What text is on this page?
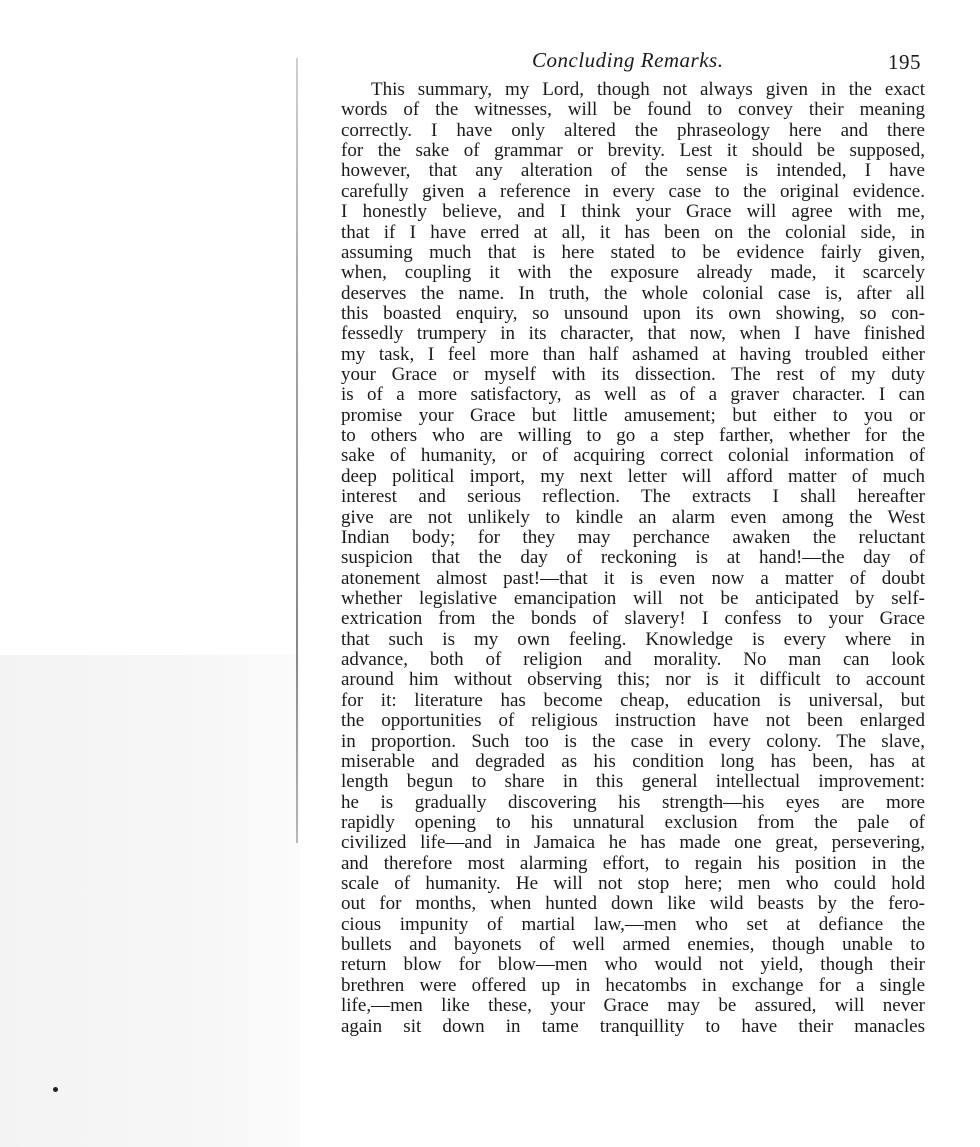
Concluding Remarks.	195
This summary, my Lord, though not always given in the exact
words of the witnesses, will be found to convey their meaning
correctly. I have only altered the phraseology here and there
for the sake of grammar or brevity. Lest it should be supposed,
however, that any alteration of the sense is intended, I have
carefully given a reference in every case to the original evidence.
I honestly believe, and I think your Grace will agree with me,
that if I have erred at all, it has been on the colonial side, in
assuming much that is here stated to be evidence fairly given,
when, coupling it with the exposure already made, it scarcely
deserves the name. In truth, the whole colonial case is, after all
this boasted enquiry, so unsound upon its own showing, so con-
fessedly trumpery in its character, that now, when I have finished
my task, I feel more than half ashamed at having troubled either
your Grace or myself with its dissection. The rest of my duty
is of a more satisfactory, as well as of a graver character. I can
promise your Grace but little amusement; but either to you or
to others who are willing to go a step farther, whether for the
sake of humanity, or of acquiring correct colonial information of
deep political import, my next letter will afford matter of much
interest and serious reflection. The extracts I shall hereafter
give are not unlikely to kindle an alarm even among the West
Indian body; for they may perchance awaken the reluctant
suspicion that the day of reckoning is at hand!—the day of
atonement almost past!—that it is even now a matter of doubt
whether legislative emancipation will not be anticipated by self-
extrication from the bonds of slavery! I confess to your Grace
that such is my own feeling. Knowledge is every where in
advance, both of religion and morality. No man can look
around him without observing this; nor is it difficult to account
for it: literature has become cheap, education is universal, but
the opportunities of religious instruction have not been enlarged
in proportion. Such too is the case in every colony. The slave,
miserable and degraded as his condition long has been, has at
length begun to share in this general intellectual improvement:
he is gradually discovering his strength—his eyes are more
rapidly opening to his unnatural exclusion from the pale of
civilized life—and in Jamaica he has made one great, persevering,
and therefore most alarming effort, to regain his position in the
scale of humanity. He will not stop here; men who could hold
out for months, when hunted down like wild beasts by the fero-
cious impunity of martial law,—men who set at defiance the
bullets and bayonets of well armed enemies, though unable to
return blow for blow—men who would not yield, though their
brethren were offered up in hecatombs in exchange for a single
life,—men like these, your Grace may be assured, will never
again sit down in tame tranquillity to have their manacles
